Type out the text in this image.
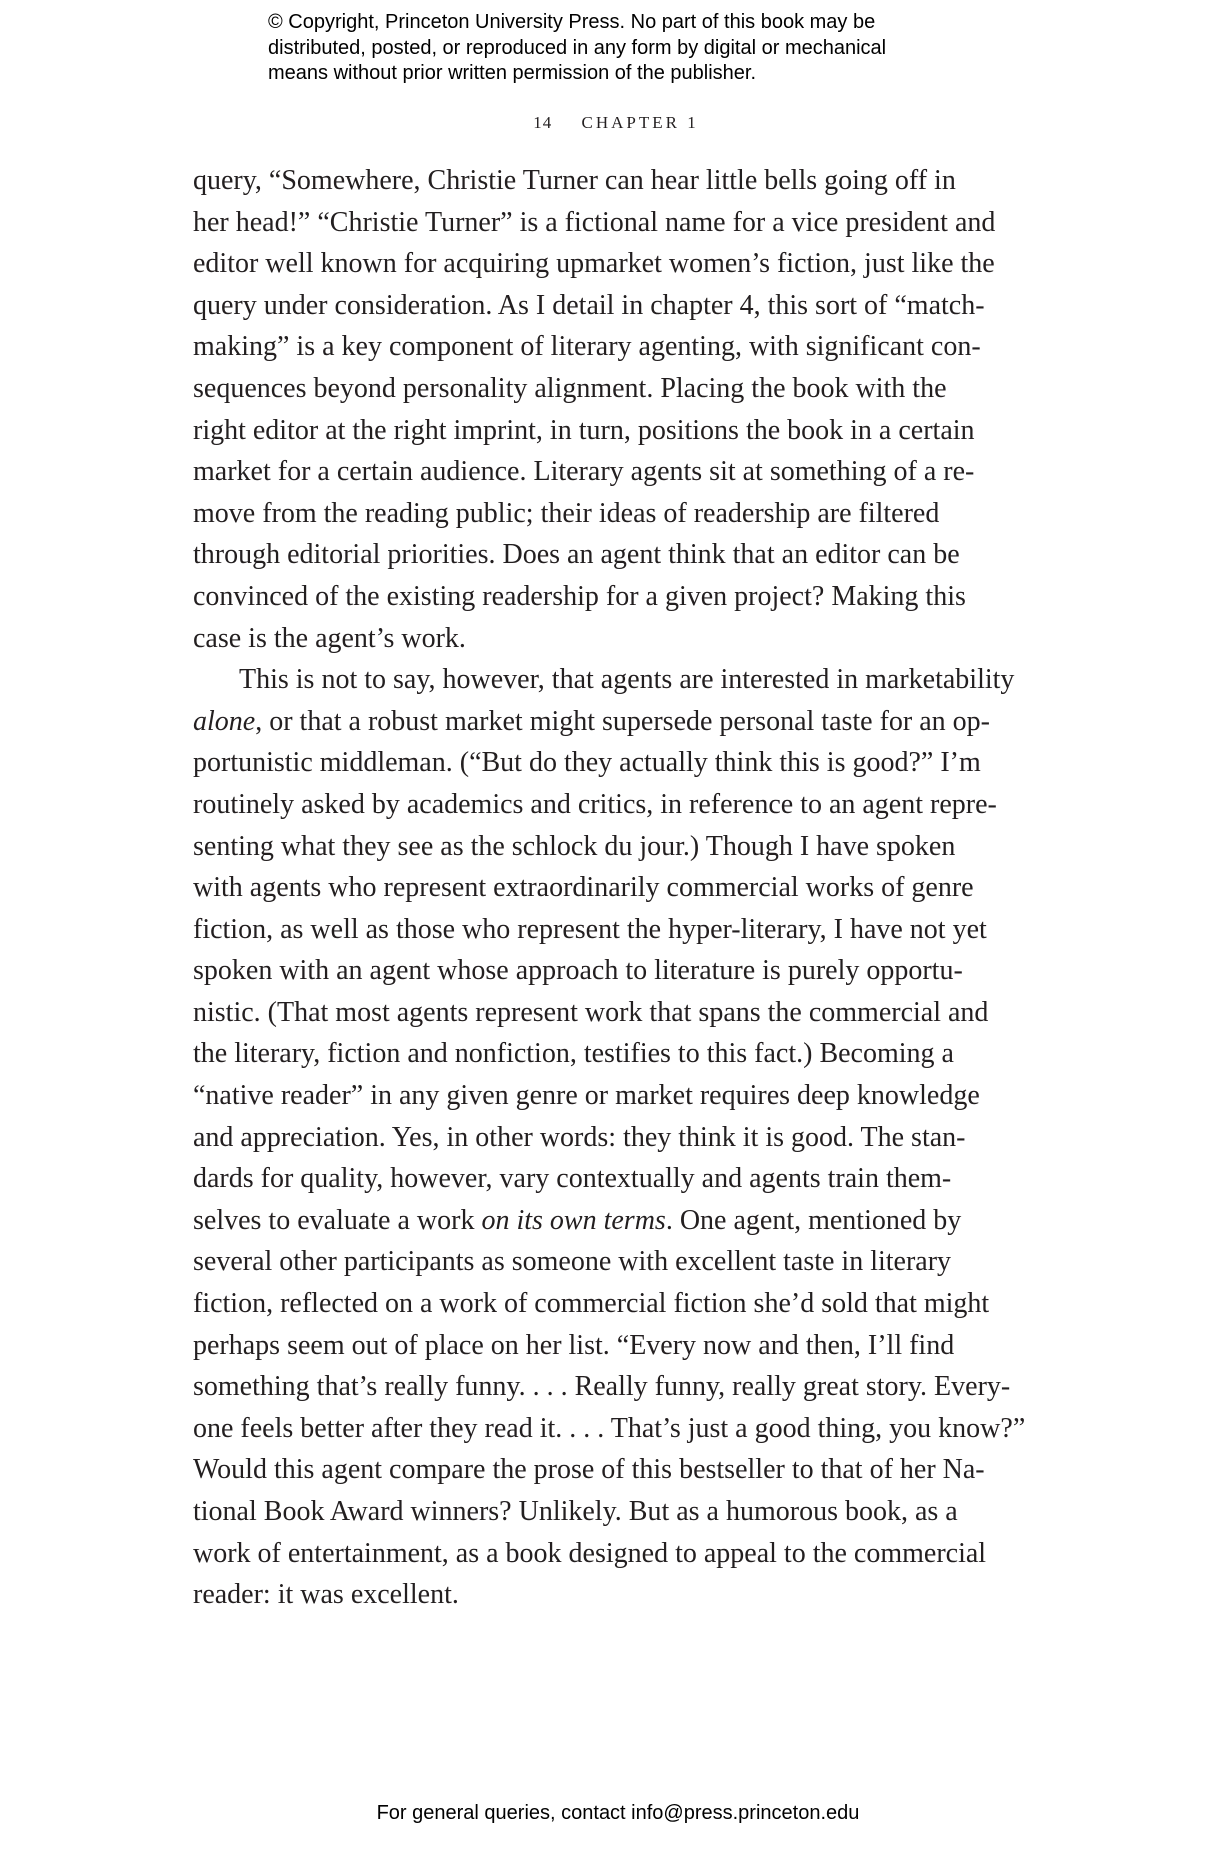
© Copyright, Princeton University Press. No part of this book may be
distributed, posted, or reproduced in any form by digital or mechanical
means without prior written permission of the publisher.
14 CHAPTER 1
query, “Somewhere, Christie Turner can hear little bells going off in
her head!” “Christie Turner” is a fictional name for a vice president and
editor well known for acquiring upmarket women’s fiction, just like the
query under consideration. As I detail in chapter 4, this sort of “match-
making” is a key component of literary agenting, with significant con-
sequences beyond personality alignment. Placing the book with the
right editor at the right imprint, in turn, positions the book in a certain
market for a certain audience. Literary agents sit at something of a re-
move from the reading public; their ideas of readership are filtered
through editorial priorities. Does an agent think that an editor can be
convinced of the existing readership for a given project? Making this
case is the agent’s work.
This is not to say, however, that agents are interested in marketability
alone, or that a robust market might supersede personal taste for an op-
portunistic middleman. (“But do they actually think this is good?” I’m
routinely asked by academics and critics, in reference to an agent repre-
senting what they see as the schlock du jour.) Though I have spoken
with agents who represent extraordinarily commercial works of genre
fiction, as well as those who represent the hyper-literary, I have not yet
spoken with an agent whose approach to literature is purely opportu-
nistic. (That most agents represent work that spans the commercial and
the literary, fiction and nonfiction, testifies to this fact.) Becoming a
“native reader” in any given genre or market requires deep knowledge
and appreciation. Yes, in other words: they think it is good. The stan-
dards for quality, however, vary contextually and agents train them-
selves to evaluate a work on its own terms. One agent, mentioned by
several other participants as someone with excellent taste in literary
fiction, reflected on a work of commercial fiction she’d sold that might
perhaps seem out of place on her list. “Every now and then, I’ll find
something that’s really funny. . . . Really funny, really great story. Every-
one feels better after they read it. . . . That’s just a good thing, you know?”
Would this agent compare the prose of this bestseller to that of her Na-
tional Book Award winners? Unlikely. But as a humorous book, as a
work of entertainment, as a book designed to appeal to the commercial
reader: it was excellent.
For general queries, contact info@press.princeton.edu
